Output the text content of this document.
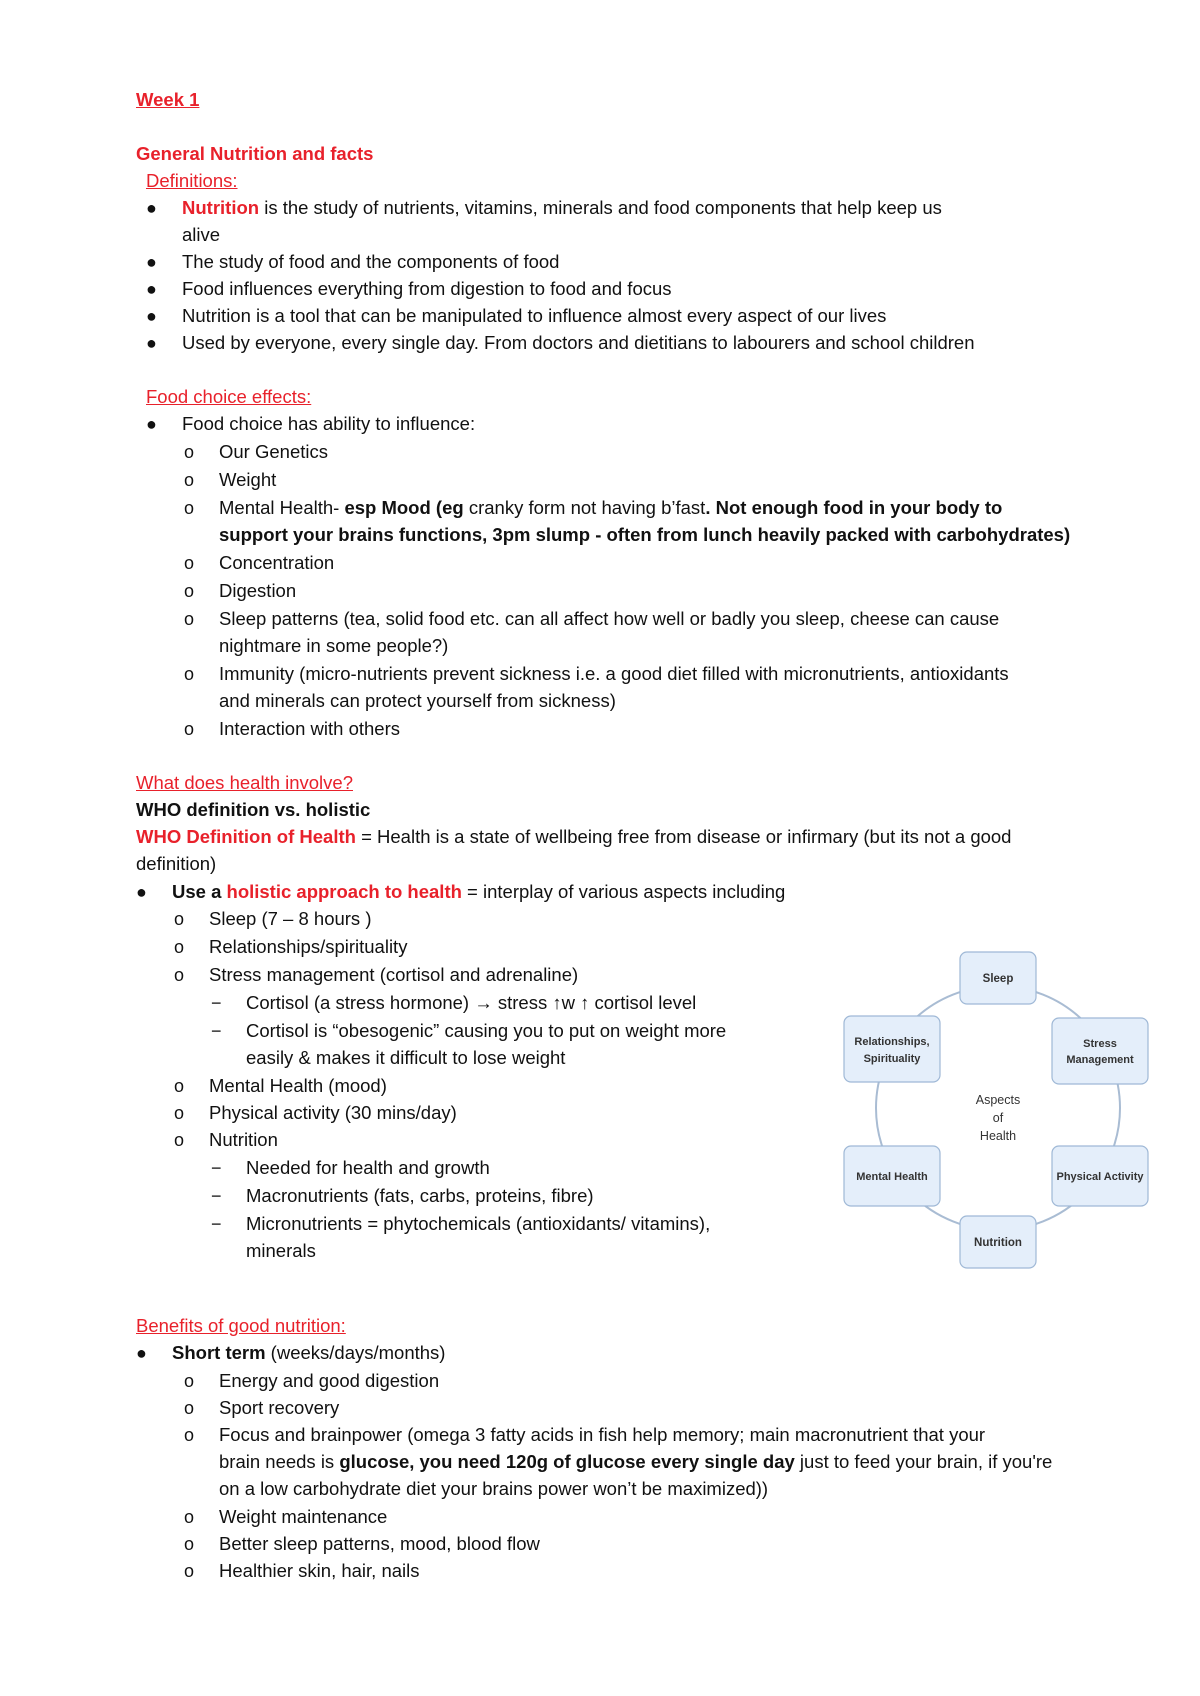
Week 1
General Nutrition and facts
Definitions:
● Nutrition is the study of nutrients, vitamins, minerals and food components that help keep us
alive
● The study of food and the components of food
● Food influences everything from digestion to food and focus
● Nutrition is a tool that can be manipulated to influence almost every aspect of our lives
● Used by everyone, every single day. From doctors and dietitians to labourers and school children
Food choice effects:
● Food choice has ability to influence:
o Our Genetics
o Weight
o Mental Health- esp Mood (eg cranky form not having b’fast. Not enough food in your body to
support your brains functions, 3pm slump - often from lunch heavily packed with carbohydrates)
o Concentration
o Digestion
o Sleep patterns (tea, solid food etc. can all affect how well or badly you sleep, cheese can cause
nightmare in some people?)
o Immunity (micro-nutrients prevent sickness i.e. a good diet filled with micronutrients, antioxidants
and minerals can protect yourself from sickness)
o Interaction with others
What does health involve?
WHO definition vs. holistic
WHO Definition of Health = Health is a state of wellbeing free from disease or infirmary (but its not a good
definition)
● Use a holistic approach to health = interplay of various aspects including
o Sleep (7 – 8 hours )
o Relationships/spirituality
o Stress management (cortisol and adrenaline)
− Cortisol (a stress hormone) → stress ↑w ↑ cortisol level
− Cortisol is “obesogenic” causing you to put on weight more
easily & makes it difficult to lose weight
o Mental Health (mood)
o Physical activity (30 mins/day)
o Nutrition
− Needed for health and growth
− Macronutrients (fats, carbs, proteins, fibre)
− Micronutrients = phytochemicals (antioxidants/ vitamins),
minerals
Aspects
of
Health
Sleep
Stress
Management
Physical Activity
Nutrition
Mental Health
Relationships,
Spirituality
Benefits of good nutrition:
● Short term (weeks/days/months)
o Energy and good digestion
o Sport recovery
o Focus and brainpower (omega 3 fatty acids in fish help memory; main macronutrient that your
brain needs is glucose, you need 120g of glucose every single day just to feed your brain, if you're
on a low carbohydrate diet your brains power won’t be maximized))
o Weight maintenance
o Better sleep patterns, mood, blood flow
o Healthier skin, hair, nails
